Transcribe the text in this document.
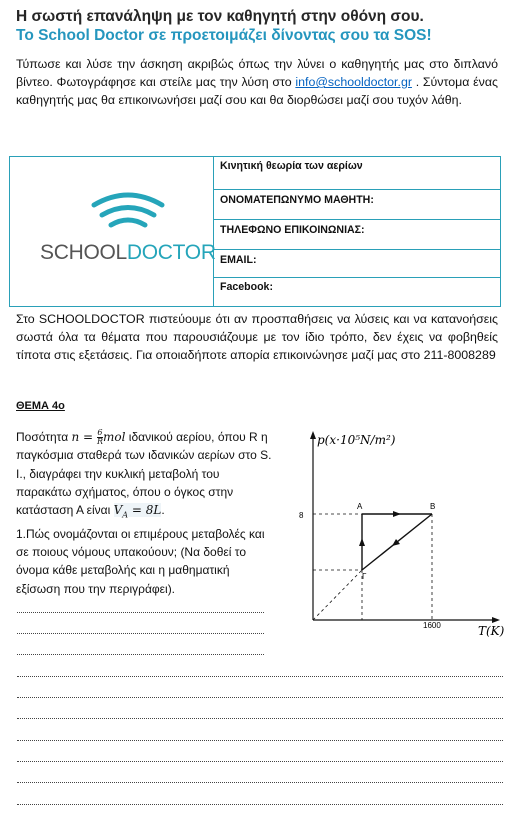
Η σωστή επανάληψη με τον καθηγητή στην οθόνη σου.
To School Doctor σε προετοιμάζει δίνοντας σου τα SOS!
Τύπωσε και λύσε την άσκηση ακριβώς όπως την λύνει ο καθηγητής μας στο διπλανό βίντεο. Φωτογράφησε και στείλε μας την λύση στο info@schooldoctor.gr . Σύντομα ένας καθηγητής μας θα επικοινωνήσει μαζί σου και θα διορθώσει μαζί σου τυχόν λάθη.
SCHOOLDOCTOR
Κινητική θεωρία των αερίων
ΟΝΟΜΑΤΕΠΩΝΥΜΟ ΜΑΘΗΤΗ:
ΤΗΛΕΦΩΝΟ ΕΠΙΚΟΙΝΩΝΙΑΣ:
EMAIL:
Facebook:
Στο SCHOOLDOCTOR πιστεύουμε ότι αν προσπαθήσεις να λύσεις και να κατανοήσεις σωστά όλα τα θέματα που παρουσιάζουμε με τον ίδιο τρόπο, δεν έχεις να φοβηθείς τίποτα στις εξετάσεις. Για οποιαδήποτε απορία επικοινώνησε μαζί μας στο 211-8008289
ΘΕΜΑ 4ο
Ποσότητα $n = \frac{6}{R}$ mol ιδανικού αερίου, όπου R η παγκόσμια σταθερά των ιδανικών αερίων στο S. I., διαγράφει την κυκλική μεταβολή του παρακάτω σχήματος, όπου ο όγκος στην κατάσταση Α είναι $V_A = 8L$.
1.Πώς ονομάζονται οι επιμέρους μεταβολές και σε ποιους νόμους υπακούουν; (Να δοθεί το όνομα κάθε μεταβολής και η μαθηματική εξίσωση που την περιγράφει).
p(x·10⁵N/m²)
T(K)
8
1600
A	B
Γ
